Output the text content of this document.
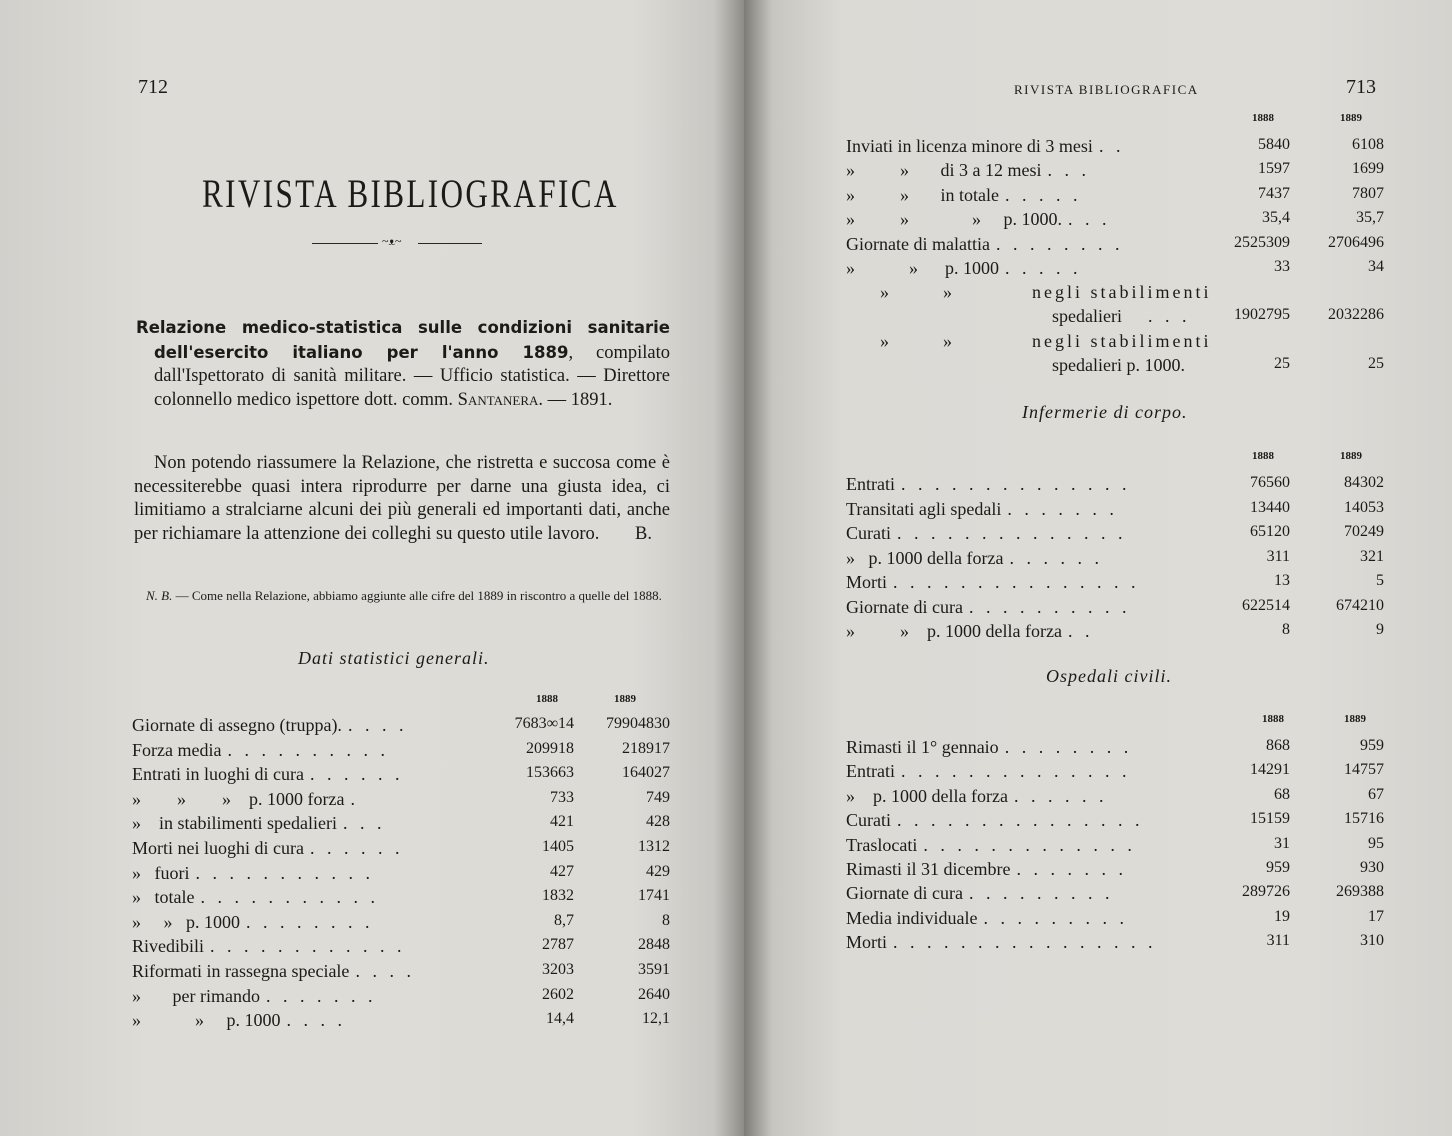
712
RIVISTA BIBLIOGRAFICA
~ᴥ~

Relazione medico-statistica sulle condizioni sanitarie dell'esercito italiano per l'anno 1889, compilato dall'Ispettorato di sanità militare. — Ufficio statistica. — Direttore colonnello medico ispettore dott. comm. Santanera. — 1891.

Non potendo riassumere la Relazione, che ristretta e succosa come è necessiterebbe quasi intera riprodurre per darne una giusta idea, ci limitiamo a stralciarne alcuni dei più generali ed importanti dati, anche per richiamare la attenzione dei colleghi su questo utile lavoro.	B.

N. B. — Come nella Relazione, abbiamo aggiunte alle cifre del 1889 in riscontro a quelle del 1888.
Dati statistici generali.
1888	1889
Giornate di assegno (truppa). . . . .	7683∞14 79904830
Forza media . . . . . . . . . .	209918	218917
Entrati in luoghi di cura . . . . . .	153663	164027
»        »        »    p. 1000 forza .	733	749
»    in stabilimenti spedalieri . . .	421	428
Morti nei luoghi di cura . . . . . .	1405	1312
»   fuori . . . . . . . . . . .	427	429
»   totale . . . . . . . . . . .	1832	1741
»     »   p. 1000 . . . . . . . .	8,7	8
Rivedibili . . . . . . . . . . . .	2787	2848
Riformati in rassegna speciale . . . .	3203	3591
»       per rimando . . . . . . .	2602	2640
»            »     p. 1000 . . . .	14,4	12,1
RIVISTA BIBLIOGRAFICA	713
1888	1889
Inviati in licenza minore di 3 mesi . .	5840	6108
»          »       di 3 a 12 mesi . . .	1597	1699
»          »       in totale . . . . .	7437	7807
»          »              »     p. 1000. . . .	35,4	35,7
Giornate di malattia . . . . . . . .	2525309 2706496
»            »      p. 1000 . . . . .	33	34
»            »	negli stabilimenti
spedalieri . . .	1902795 2032286
»            »	negli stabilimenti
spedalieri p. 1000.	25	25
Infermerie di corpo.
1888	1889
Entrati . . . . . . . . . . . . . .	76560	84302
Transitati agli spedali . . . . . . .	13440	14053
Curati . . . . . . . . . . . . . .	65120	70249
»   p. 1000 della forza . . . . . .	311	321
Morti . . . . . . . . . . . . . . .	13	5
Giornate di cura . . . . . . . . . .	622514	674210
»          »    p. 1000 della forza . .	8	9
Ospedali civili.
1888	1889
Rimasti il 1° gennaio . . . . . . . .	868	959
Entrati . . . . . . . . . . . . . .	14291	14757
»    p. 1000 della forza . . . . . .	68	67
Curati . . . . . . . . . . . . . . .	15159	15716
Traslocati . . . . . . . . . . . . .	31	95
Rimasti il 31 dicembre . . . . . . .	959	930
Giornate di cura . . . . . . . . .	289726	269388
Media individuale . . . . . . . . .	19	17
Morti . . . . . . . . . . . . . . . .	311	310
